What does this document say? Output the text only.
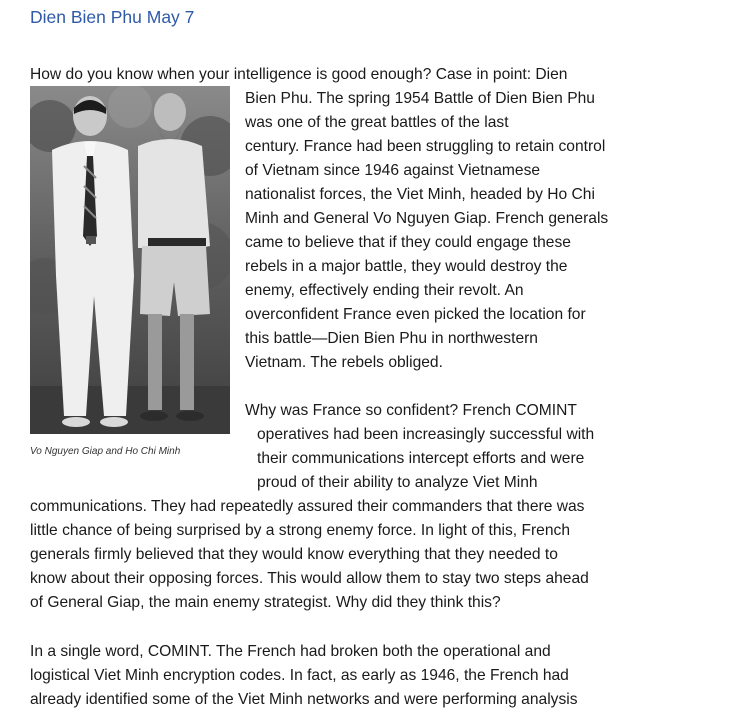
Dien Bien Phu May 7
Vo Nguyen Giap and Ho Chi Minh
How do you know when your intelligence is good enough? Case in point: Dien
Bien Phu. The spring 1954 Battle of Dien Bien Phu
was one of the great battles of the last
century. France had been struggling to retain control
of Vietnam since 1946 against Vietnamese
nationalist forces, the Viet Minh, headed by Ho Chi
Minh and General Vo Nguyen Giap. French generals
came to believe that if they could engage these
rebels in a major battle, they would destroy the
enemy, effectively ending their revolt. An
overconfident France even picked the location for
this battle—Dien Bien Phu in northwestern
Vietnam. The rebels obliged.
Why was France so confident? French COMINT
operatives had been increasingly successful with
their communications intercept efforts and were
proud of their ability to analyze Viet Minh
communications. They had repeatedly assured their commanders that there was
little chance of being surprised by a strong enemy force. In light of this, French
generals firmly believed that they would know everything that they needed to
know about their opposing forces. This would allow them to stay two steps ahead
of General Giap, the main enemy strategist. Why did they think this?
In a single word, COMINT. The French had broken both the operational and
logistical Viet Minh encryption codes. In fact, as early as 1946, the French had
already identified some of the Viet Minh networks and were performing analysis
